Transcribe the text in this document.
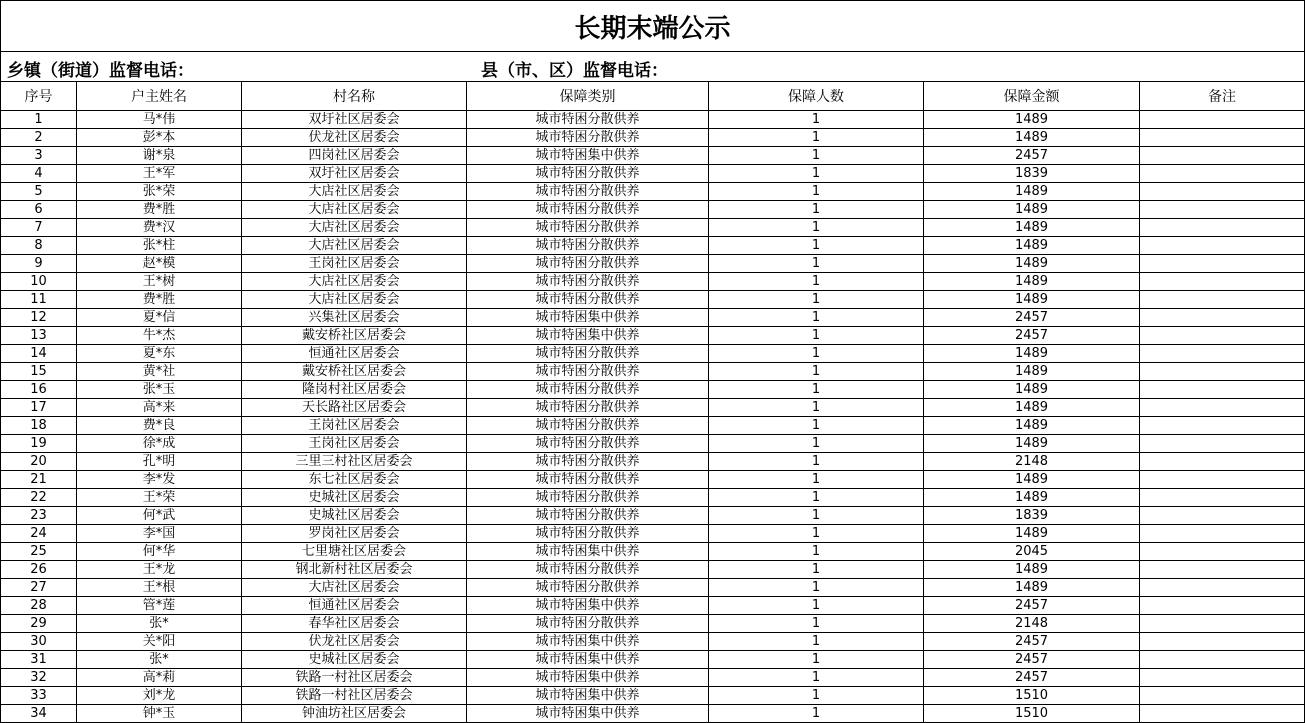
长期末端公示
乡镇（街道）监督电话：	县（市、区）监督电话：
序号	户主姓名	村名称	保障类别	保障人数	保障金额	备注
1	马*伟	双圩社区居委会	城市特困分散供养	1	1489	
2	彭*本	伏龙社区居委会	城市特困分散供养	1	1489	
3	谢*泉	四岗社区居委会	城市特困集中供养	1	2457	
4	王*军	双圩社区居委会	城市特困分散供养	1	1839	
5	张*荣	大店社区居委会	城市特困分散供养	1	1489	
6	费*胜	大店社区居委会	城市特困分散供养	1	1489	
7	费*汉	大店社区居委会	城市特困分散供养	1	1489	
8	张*柱	大店社区居委会	城市特困分散供养	1	1489	
9	赵*模	王岗社区居委会	城市特困分散供养	1	1489	
10	王*树	大店社区居委会	城市特困分散供养	1	1489	
11	费*胜	大店社区居委会	城市特困分散供养	1	1489	
12	夏*信	兴集社区居委会	城市特困集中供养	1	2457	
13	牛*杰	戴安桥社区居委会	城市特困集中供养	1	2457	
14	夏*东	恒通社区居委会	城市特困分散供养	1	1489	
15	黄*社	戴安桥社区居委会	城市特困分散供养	1	1489	
16	张*玉	隆岗村社区居委会	城市特困分散供养	1	1489	
17	高*来	天长路社区居委会	城市特困分散供养	1	1489	
18	费*良	王岗社区居委会	城市特困分散供养	1	1489	
19	徐*成	王岗社区居委会	城市特困分散供养	1	1489	
20	孔*明	三里三村社区居委会	城市特困分散供养	1	2148	
21	李*发	东七社区居委会	城市特困分散供养	1	1489	
22	王*荣	史城社区居委会	城市特困分散供养	1	1489	
23	何*武	史城社区居委会	城市特困分散供养	1	1839	
24	李*国	罗岗社区居委会	城市特困分散供养	1	1489	
25	何*华	七里塘社区居委会	城市特困集中供养	1	2045	
26	王*龙	钢北新村社区居委会	城市特困分散供养	1	1489	
27	王*根	大店社区居委会	城市特困分散供养	1	1489	
28	管*莲	恒通社区居委会	城市特困集中供养	1	2457	
29	张*	春华社区居委会	城市特困分散供养	1	2148	
30	关*阳	伏龙社区居委会	城市特困集中供养	1	2457	
31	张*	史城社区居委会	城市特困集中供养	1	2457	
32	高*莉	铁路一村社区居委会	城市特困集中供养	1	2457	
33	刘*龙	铁路一村社区居委会	城市特困集中供养	1	1510	
34	钟*玉	钟油坊社区居委会	城市特困集中供养	1	1510	
